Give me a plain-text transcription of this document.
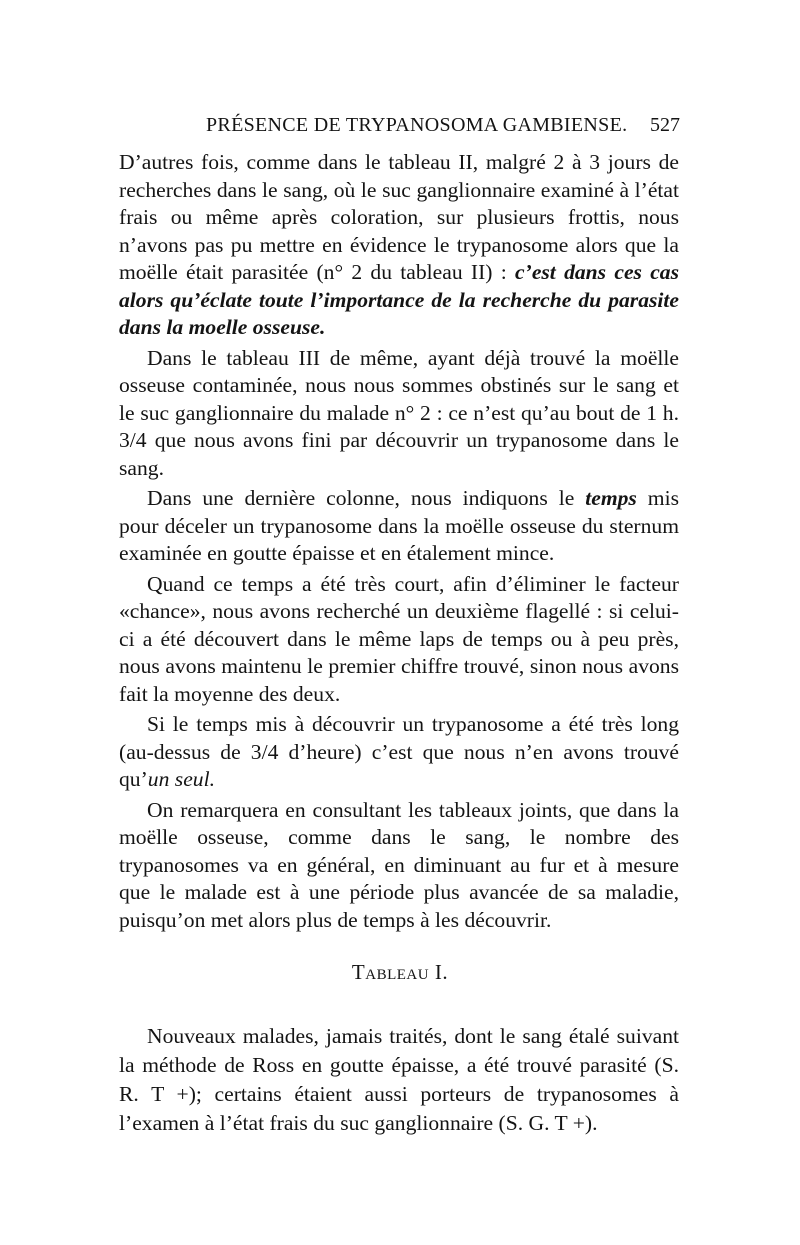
PRÉSENCE DE TRYPANOSOMA GAMBIENSE. 527

D’autres fois, comme dans le tableau II, malgré 2 à 3 jours de recherches dans le sang, où le suc ganglionnaire examiné à l’état frais ou même après coloration, sur plusieurs frottis, nous n’avons pas pu mettre en évidence le trypanosome alors que la moëlle était parasitée (n° 2 du tableau II) : c’est dans ces cas alors qu’éclate toute l’importance de la recherche du parasite dans la moelle osseuse.

Dans le tableau III de même, ayant déjà trouvé la moëlle osseuse contaminée, nous nous sommes obstinés sur le sang et le suc ganglionnaire du malade n° 2 : ce n’est qu’au bout de 1 h. 3/4 que nous avons fini par découvrir un trypanosome dans le sang.

Dans une dernière colonne, nous indiquons le temps mis pour déceler un trypanosome dans la moëlle osseuse du sternum examinée en goutte épaisse et en étalement mince.

Quand ce temps a été très court, afin d’éliminer le facteur «chance», nous avons recherché un deuxième flagellé : si celui-ci a été découvert dans le même laps de temps ou à peu près, nous avons maintenu le premier chiffre trouvé, sinon nous avons fait la moyenne des deux.

Si le temps mis à découvrir un trypanosome a été très long (au-dessus de 3/4 d’heure) c’est que nous n’en avons trouvé qu’un seul.

On remarquera en consultant les tableaux joints, que dans la moëlle osseuse, comme dans le sang, le nombre des trypanosomes va en général, en diminuant au fur et à mesure que le malade est à une période plus avancée de sa maladie, puisqu’on met alors plus de temps à les découvrir.

Tableau I.

Nouveaux malades, jamais traités, dont le sang étalé suivant la méthode de Ross en goutte épaisse, a été trouvé parasité (S. R. T +); certains étaient aussi porteurs de trypanosomes à l’examen à l’état frais du suc ganglionnaire (S. G. T +).
